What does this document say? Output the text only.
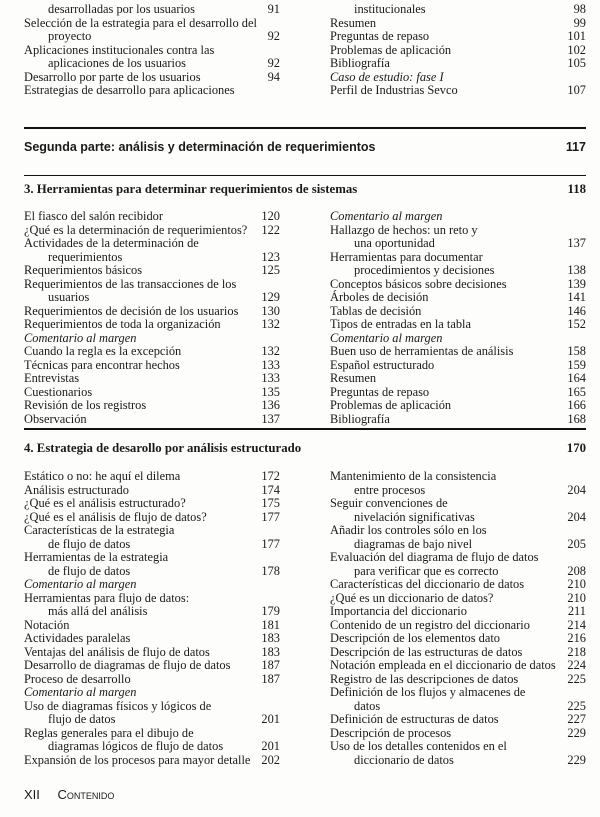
desarrolladas por los usuarios	91
Selección de la estrategia para el desarrollo del
proyecto	92
Aplicaciones institucionales contra las
aplicaciones de los usuarios	92
Desarrollo por parte de los usuarios	94
Estrategias de desarrollo para aplicaciones
institucionales	98
Resumen	99
Preguntas de repaso	101
Problemas de aplicación	102
Bibliografía	105
Caso de estudio: fase I
Perfil de Industrias Sevco	107
Segunda parte: análisis y determinación de requerimientos	117
3. Herramientas para determinar requerimientos de sistemas	118
El fiasco del salón recibidor	120
¿Qué es la determinación de requerimientos? 122
Actividades de la determinación de
requerimientos	123
Requerimientos básicos	125
Requerimientos de las transacciones de los
usuarios	129
Requerimientos de decisión de los usuarios 130
Requerimientos de toda la organización	132
Comentario al margen
Cuando la regla es la excepción	132
Técnicas para encontrar hechos	133
Entrevistas	133
Cuestionarios	135
Revisión de los registros	136
Observación	137
Comentario al margen
Hallazgo de hechos: un reto y
una oportunidad	137
Herramientas para documentar
procedimientos y decisiones	138
Conceptos básicos sobre decisiones	139
Árboles de decisión	141
Tablas de decisión	146
Tipos de entradas en la tabla	152
Comentario al margen
Buen uso de herramientas de análisis	158
Español estructurado	159
Resumen	164
Preguntas de repaso	165
Problemas de aplicación	166
Bibliografía	168
4. Estrategia de desarollo por análisis estructurado	170
Estático o no: he aquí el dilema	172
Análisis estructurado	174
¿Qué es el análisis estructurado?	175
¿Qué es el análisis de flujo de datos?	177
Características de la estrategia
de flujo de datos	177
Herramientas de la estrategia
de flujo de datos	178
Comentario al margen
Herramientas para flujo de datos:
más allá del análisis	179
Notación	181
Actividades paralelas	183
Ventajas del análisis de flujo de datos	183
Desarrollo de diagramas de flujo de datos 187
Proceso de desarrollo	187
Comentario al margen
Uso de diagramas físicos y lógicos de
flujo de datos	201
Reglas generales para el dibujo de
diagramas lógicos de flujo de datos	201
Expansión de los procesos para mayor detalle 202
Mantenimiento de la consistencia
entre procesos	204
Seguir convenciones de
nivelación significativas	204
Añadir los controles sólo en los
diagramas de bajo nivel	205
Evaluación del diagrama de flujo de datos
para verificar que es correcto	208
Características del diccionario de datos	210
¿Qué es un diccionario de datos?	210
Importancia del diccionario	211
Contenido de un registro del diccionario	214
Descripción de los elementos dato	216
Descripción de las estructuras de datos	218
Notación empleada en el diccionario de datos 224
Registro de las descripciones de datos	225
Definición de los flujos y almacenes de
datos	225
Definición de estructuras de datos	227
Descripción de procesos	229
Uso de los detalles contenidos en el
diccionario de datos	229
XII Contenido
